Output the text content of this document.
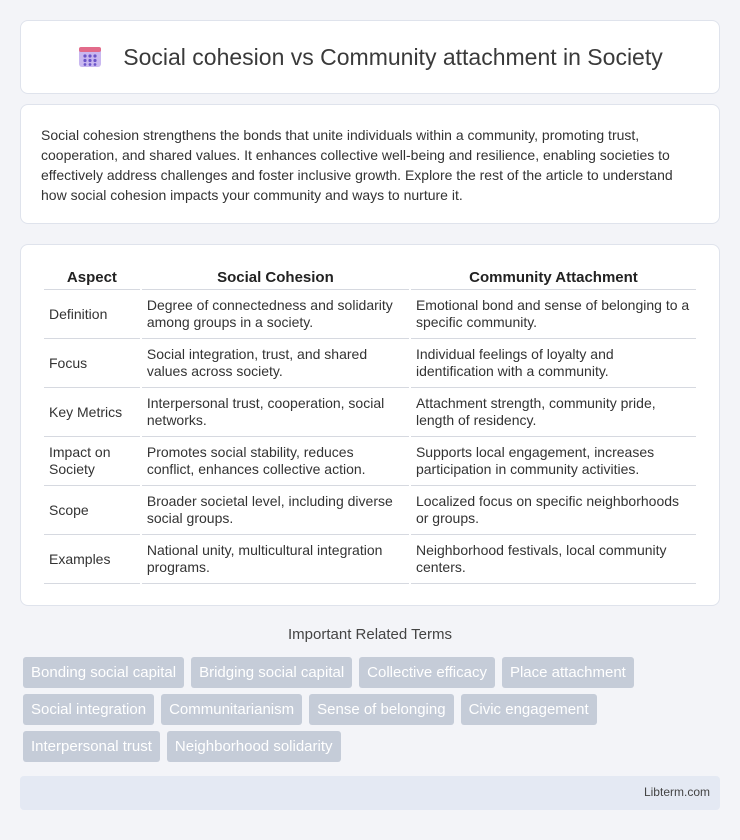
Social cohesion vs Community attachment in Society

Social cohesion strengthens the bonds that unite individuals within a community, promoting trust, cooperation, and shared values. It enhances collective well-being and resilience, enabling societies to effectively address challenges and foster inclusive growth. Explore the rest of the article to understand how social cohesion impacts your community and ways to nurture it.

Aspect	Social Cohesion	Community Attachment
Definition	Degree of connectedness and solidarity among groups in a society.	Emotional bond and sense of belonging to a specific community.
Focus	Social integration, trust, and shared values across society.	Individual feelings of loyalty and identification with a community.
Key Metrics	Interpersonal trust, cooperation, social networks.	Attachment strength, community pride, length of residency.
Impact on Society	Promotes social stability, reduces conflict, enhances collective action.	Supports local engagement, increases participation in community activities.
Scope	Broader societal level, including diverse social groups.	Localized focus on specific neighborhoods or groups.
Examples	National unity, multicultural integration programs.	Neighborhood festivals, local community centers.
Important Related Terms
Bonding social capital	Bridging social capital	Collective efficacy	Place attachment
Social integration	Communitarianism	Sense of belonging	Civic engagement
Interpersonal trust	Neighborhood solidarity
Libterm.com
